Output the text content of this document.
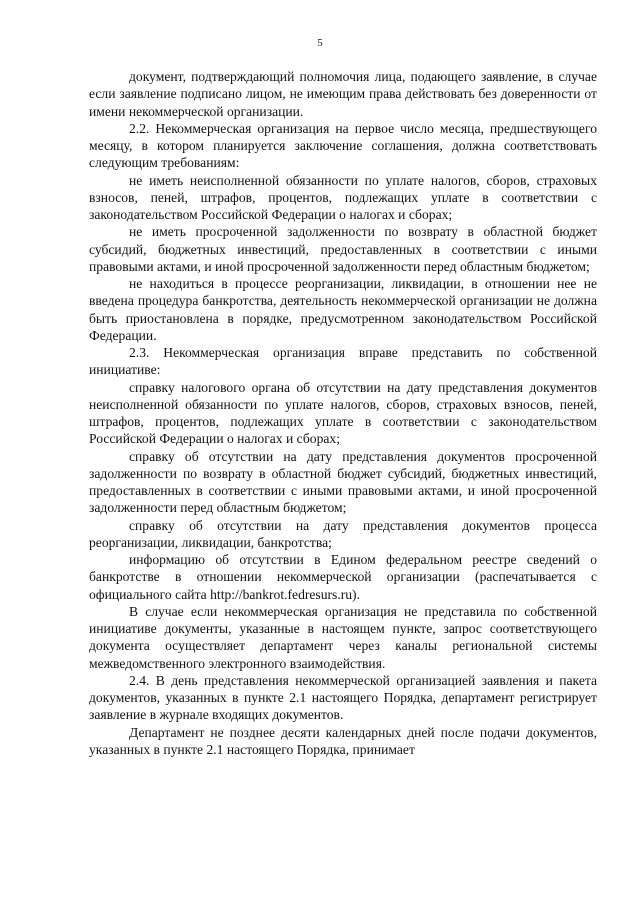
5

документ, подтверждающий полномочия лица, подающего заявление, в случае если заявление подписано лицом, не имеющим права действовать без доверенности от имени некоммерческой организации.

2.2. Некоммерческая организация на первое число месяца, предшествующего месяцу, в котором планируется заключение соглашения, должна соответствовать следующим требованиям:

не иметь неисполненной обязанности по уплате налогов, сборов, страховых взносов, пеней, штрафов, процентов, подлежащих уплате в соответствии с законодательством Российской Федерации о налогах и сборах;

не иметь просроченной задолженности по возврату в областной бюджет субсидий, бюджетных инвестиций, предоставленных в соответствии с иными правовыми актами, и иной просроченной задолженности перед областным бюджетом;

не находиться в процессе реорганизации, ликвидации, в отношении нее не введена процедура банкротства, деятельность некоммерческой организации не должна быть приостановлена в порядке, предусмотренном законодательством Российской Федерации.

2.3. Некоммерческая организация вправе представить по собственной инициативе:

справку налогового органа об отсутствии на дату представления документов неисполненной обязанности по уплате налогов, сборов, страховых взносов, пеней, штрафов, процентов, подлежащих уплате в соответствии с законодательством Российской Федерации о налогах и сборах;

справку об отсутствии на дату представления документов просроченной задолженности по возврату в областной бюджет субсидий, бюджетных инвестиций, предоставленных в соответствии с иными правовыми актами, и иной просроченной задолженности перед областным бюджетом;

справку об отсутствии на дату представления документов процесса реорганизации, ликвидации, банкротства;

информацию об отсутствии в Едином федеральном реестре сведений о банкротстве в отношении некоммерческой организации (распечатывается с официального сайта http://bankrot.fedresurs.ru).

В случае если некоммерческая организация не представила по собственной инициативе документы, указанные в настоящем пункте, запрос соответствующего документа осуществляет департамент через каналы региональной системы межведомственного электронного взаимодействия.

2.4. В день представления некоммерческой организацией заявления и пакета документов, указанных в пункте 2.1 настоящего Порядка, департамент регистрирует заявление в журнале входящих документов.

Департамент не позднее десяти календарных дней после подачи документов, указанных в пункте 2.1 настоящего Порядка, принимает
